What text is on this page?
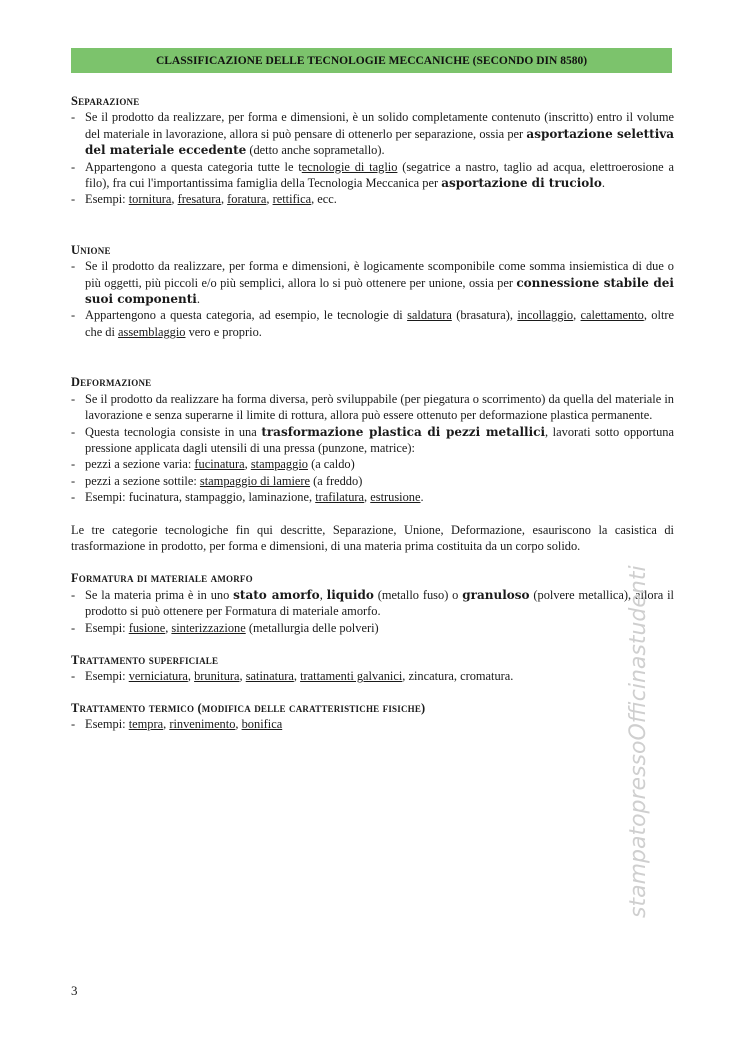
CLASSIFICAZIONE DELLE TECNOLOGIE MECCANICHE (SECONDO DIN 8580)
Separazione
- Se il prodotto da realizzare, per forma e dimensioni, è un solido completamente contenuto (inscritto) entro il volume del materiale in lavorazione, allora si può pensare di ottenerlo per separazione, ossia per asportazione selettiva del materiale eccedente (detto anche soprametallo).
- Appartengono a questa categoria tutte le tecnologie di taglio (segatrice a nastro, taglio ad acqua, elettroerosione a filo), fra cui l'importantissima famiglia della Tecnologia Meccanica per asportazione di truciolo.
- Esempi: tornitura, fresatura, foratura, rettifica, ecc.
Unione
- Se il prodotto da realizzare, per forma e dimensioni, è logicamente scomponibile come somma insiemistica di due o più oggetti, più piccoli e/o più semplici, allora lo si può ottenere per unione, ossia per connessione stabile dei suoi componenti.
- Appartengono a questa categoria, ad esempio, le tecnologie di saldatura (brasatura), incollaggio, calettamento, oltre che di assemblaggio vero e proprio.
Deformazione
- Se il prodotto da realizzare ha forma diversa, però sviluppabile (per piegatura o scorrimento) da quella del materiale in lavorazione e senza superarne il limite di rottura, allora può essere ottenuto per deformazione plastica permanente.
- Questa tecnologia consiste in una trasformazione plastica di pezzi metallici, lavorati sotto opportuna pressione applicata dagli utensili di una pressa (punzone, matrice):
- pezzi a sezione varia: fucinatura, stampaggio (a caldo)
- pezzi a sezione sottile: stampaggio di lamiere (a freddo)
- Esempi: fucinatura, stampaggio, laminazione, trafilatura, estrusione.
Le tre categorie tecnologiche fin qui descritte, Separazione, Unione, Deformazione, esauriscono la casistica di trasformazione in prodotto, per forma e dimensioni, di una materia prima costituita da un corpo solido.
Formatura di materiale amorfo
- Se la materia prima è in uno stato amorfo, liquido (metallo fuso) o granuloso (polvere metallica), allora il prodotto si può ottenere per Formatura di materiale amorfo.
- Esempi: fusione, sinterizzazione (metallurgia delle polveri)
Trattamento superficiale
- Esempi: verniciatura, brunitura, satinatura, trattamenti galvanici, zincatura, cromatura.
Trattamento termico (modifica delle caratteristiche fisiche)
- Esempi: tempra, rinvenimento, bonifica	stampatopressoOfficinastudenti
3
